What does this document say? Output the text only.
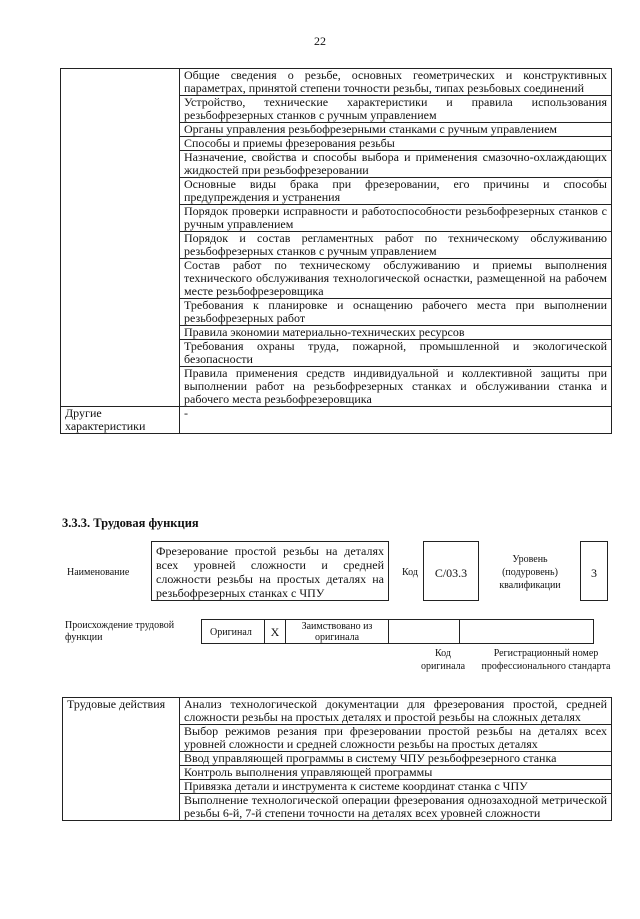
22
	Общие сведения о резьбе, основных геометрических и конструктивных параметрах, принятой степени точности резьбы, типах резьбовых соединений
	Устройство, технические характеристики и правила использования резьбофрезерных станков с ручным управлением
	Органы управления резьбофрезерными станками с ручным управлением
	Способы и приемы фрезерования резьбы
	Назначение, свойства и способы выбора и применения смазочно-охлаждающих жидкостей при резьбофрезеровании
	Основные виды брака при фрезеровании, его причины и способы предупреждения и устранения
	Порядок проверки исправности и работоспособности резьбофрезерных станков с ручным управлением
	Порядок и состав регламентных работ по техническому обслуживанию резьбофрезерных станков с ручным управлением
	Состав работ по техническому обслуживанию и приемы выполнения технического обслуживания технологической оснастки, размещенной на рабочем месте резьбофрезеровщика
	Требования к планировке и оснащению рабочего места при выполнении резьбофрезерных работ
	Правила экономии материально-технических ресурсов
	Требования охраны труда, пожарной, промышленной и экологической безопасности
	Правила применения средств индивидуальной и коллективной защиты при выполнении работ на резьбофрезерных станках и обслуживании станка и рабочего места резьбофрезеровщика
Другие характеристики	-
3.3.3. Трудовая функция
Наименование
Фрезерование простой резьбы на деталях всех уровней сложности и средней сложности резьбы на простых деталях на резьбофрезерных станках с ЧПУ
Код	C/03.3
Уровень (подуровень) квалификации
3
Происхождение трудовой функции	Оригинал	X	Заимствовано из оригинала
Код оригинала
Регистрационный номер профессионального стандарта
Трудовые действия	Анализ технологической документации для фрезерования простой, средней сложности резьбы на простых деталях и простой резьбы на сложных деталях
Выбор режимов резания при фрезеровании простой резьбы на деталях всех уровней сложности и средней сложности резьбы на простых деталях
Ввод управляющей программы в систему ЧПУ резьбофрезерного станка
Контроль выполнения управляющей программы
Привязка детали и инструмента к системе координат станка с ЧПУ
Выполнение технологической операции фрезерования однозаходной метрической резьбы 6-й, 7-й степени точности на деталях всех уровней сложности
